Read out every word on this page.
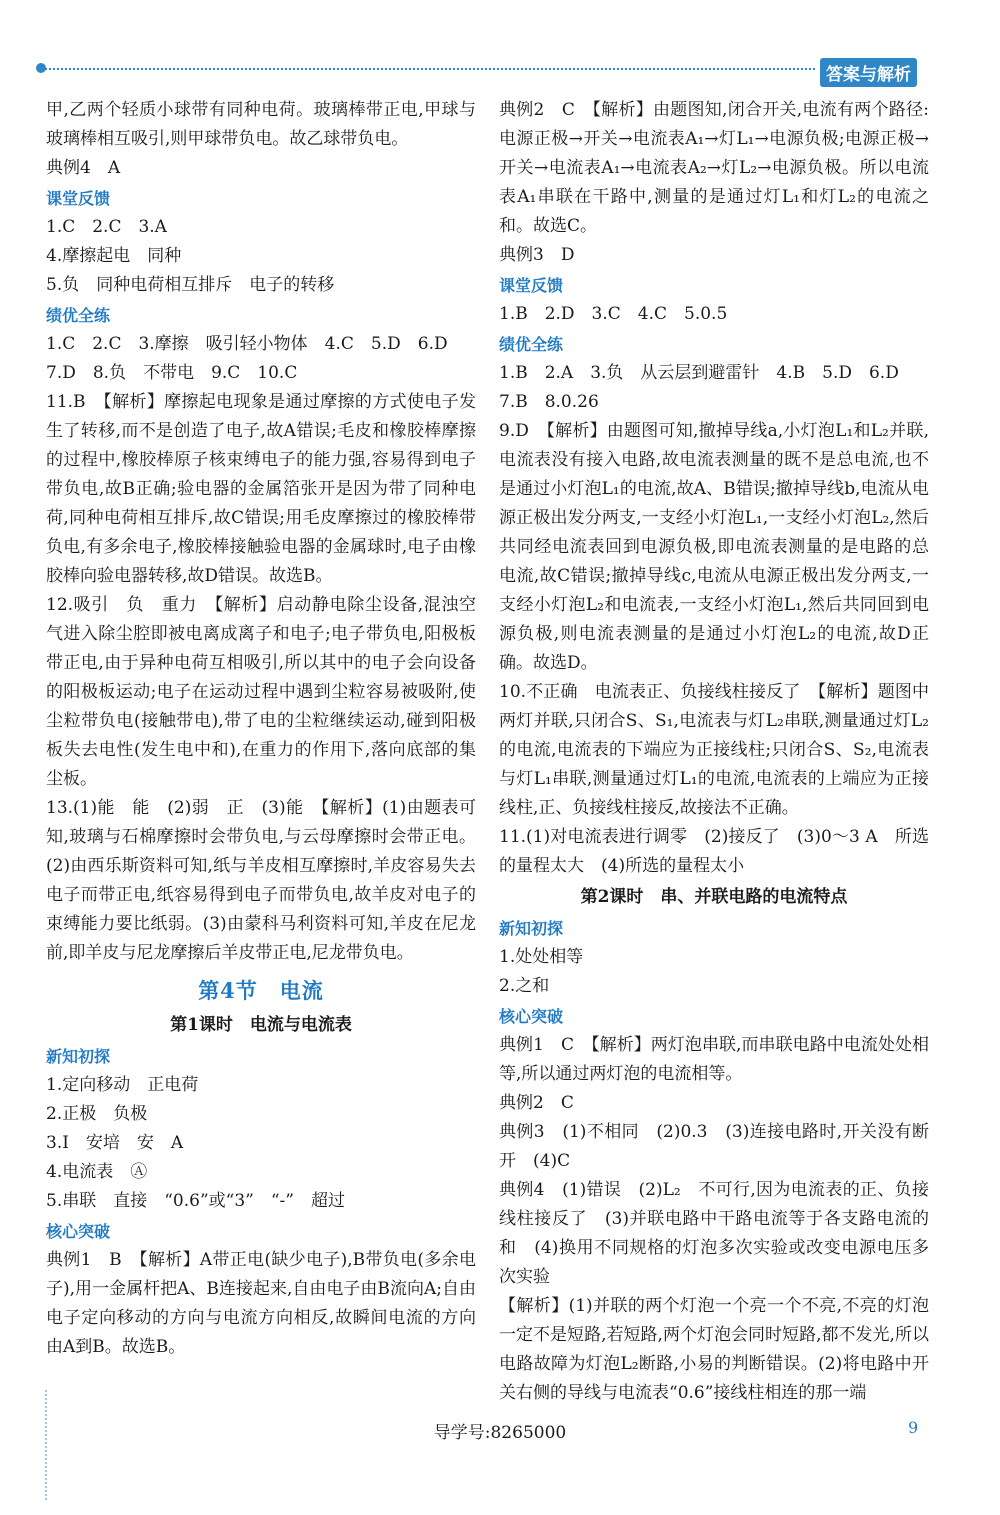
答案与解析
甲,乙两个轻质小球带有同种电荷。玻璃棒带正电,甲球与玻璃棒相互吸引,则甲球带负电。故乙球带负电。
典例4　A
课堂反馈
1.C　2.C　3.A
4.摩擦起电　同种
5.负　同种电荷相互排斥　电子的转移
绩优全练
1.C　2.C　3.摩擦　吸引轻小物体　4.C　5.D　6.D
7.D　8.负　不带电　9.C　10.C
11.B　【解析】摩擦起电现象是通过摩擦的方式使电子发生了转移,而不是创造了电子,故A错误;毛皮和橡胶棒摩擦的过程中,橡胶棒原子核束缚电子的能力强,容易得到电子带负电,故B正确;验电器的金属箔张开是因为带了同种电荷,同种电荷相互排斥,故C错误;用毛皮摩擦过的橡胶棒带负电,有多余电子,橡胶棒接触验电器的金属球时,电子由橡胶棒向验电器转移,故D错误。故选B。
12.吸引　负　重力　【解析】启动静电除尘设备,混浊空气进入除尘腔即被电离成离子和电子;电子带负电,阳极板带正电,由于异种电荷互相吸引,所以其中的电子会向设备的阳极板运动;电子在运动过程中遇到尘粒容易被吸附,使尘粒带负电(接触带电),带了电的尘粒继续运动,碰到阳极板失去电性(发生电中和),在重力的作用下,落向底部的集尘板。
13.(1)能　能　(2)弱　正　(3)能　【解析】(1)由题表可知,玻璃与石棉摩擦时会带负电,与云母摩擦时会带正电。(2)由西乐斯资料可知,纸与羊皮相互摩擦时,羊皮容易失去电子而带正电,纸容易得到电子而带负电,故羊皮对电子的束缚能力要比纸弱。(3)由蒙科马利资料可知,羊皮在尼龙前,即羊皮与尼龙摩擦后羊皮带正电,尼龙带负电。
第4节　电流
第1课时　电流与电流表
新知初探
1.定向移动　正电荷
2.正极　负极
3.I　安培　安　A
4.电流表　Ⓐ
5.串联　直接　“0.6”或“3”　“-”　超过
核心突破
典例1　B　【解析】A带正电(缺少电子),B带负电(多余电子),用一金属杆把A、B连接起来,自由电子由B流向A;自由电子定向移动的方向与电流方向相反,故瞬间电流的方向由A到B。故选B。
典例2　C　【解析】由题图知,闭合开关,电流有两个路径:电源正极→开关→电流表A₁→灯L₁→电源负极;电源正极→开关→电流表A₁→电流表A₂→灯L₂→电源负极。所以电流表A₁串联在干路中,测量的是通过灯L₁和灯L₂的电流之和。故选C。
典例3　D
课堂反馈
1.B　2.D　3.C　4.C　5.0.5
绩优全练
1.B　2.A　3.负　从云层到避雷针　4.B　5.D　6.D
7.B　8.0.26
9.D　【解析】由题图可知,撤掉导线a,小灯泡L₁和L₂并联,电流表没有接入电路,故电流表测量的既不是总电流,也不是通过小灯泡L₁的电流,故A、B错误;撤掉导线b,电流从电源正极出发分两支,一支经小灯泡L₁,一支经小灯泡L₂,然后共同经电流表回到电源负极,即电流表测量的是电路的总电流,故C错误;撤掉导线c,电流从电源正极出发分两支,一支经小灯泡L₂和电流表,一支经小灯泡L₁,然后共同回到电源负极,则电流表测量的是通过小灯泡L₂的电流,故D正确。故选D。
10.不正确　电流表正、负接线柱接反了　【解析】题图中两灯并联,只闭合S、S₁,电流表与灯L₂串联,测量通过灯L₂的电流,电流表的下端应为正接线柱;只闭合S、S₂,电流表与灯L₁串联,测量通过灯L₁的电流,电流表的上端应为正接线柱,正、负接线柱接反,故接法不正确。
11.(1)对电流表进行调零　(2)接反了　(3)0～3 A　所选的量程太大　(4)所选的量程太小
第2课时　串、并联电路的电流特点
新知初探
1.处处相等
2.之和
核心突破
典例1　C　【解析】两灯泡串联,而串联电路中电流处处相等,所以通过两灯泡的电流相等。
典例2　C
典例3　(1)不相同　(2)0.3　(3)连接电路时,开关没有断开　(4)C
典例4　(1)错误　(2)L₂　不可行,因为电流表的正、负接线柱接反了　(3)并联电路中干路电流等于各支路电流的和　(4)换用不同规格的灯泡多次实验或改变电源电压多次实验
【解析】(1)并联的两个灯泡一个亮一个不亮,不亮的灯泡一定不是短路,若短路,两个灯泡会同时短路,都不发光,所以电路故障为灯泡L₂断路,小易的判断错误。(2)将电路中开关右侧的导线与电流表“0.6”接线柱相连的那一端
导学号:8265000	9
